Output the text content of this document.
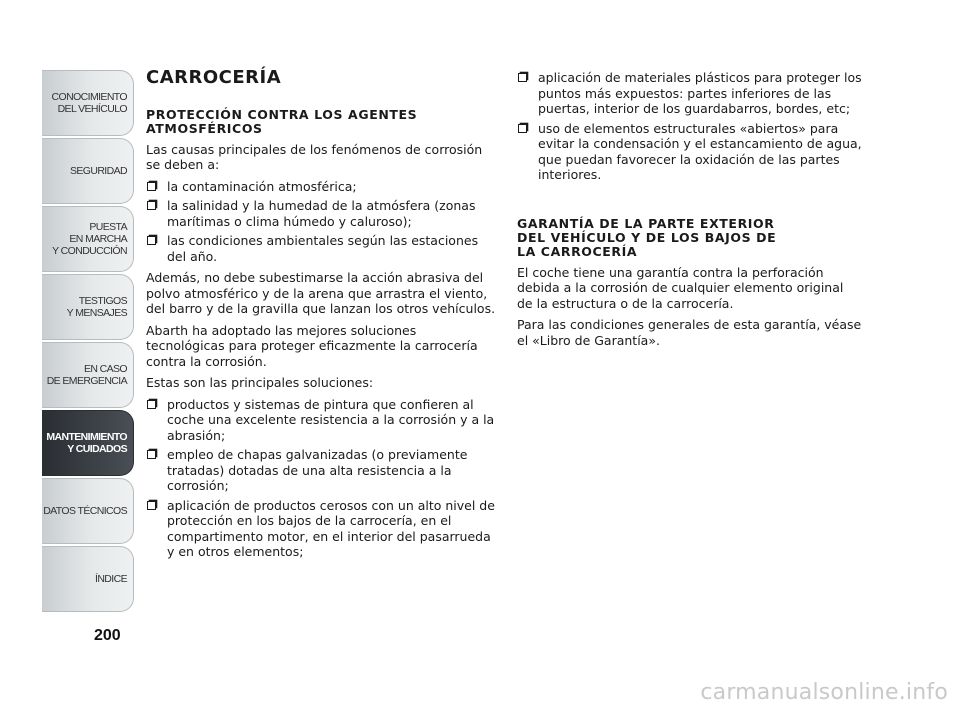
CONOCIMIENTO
DEL VEHÍCULO
SEGURIDAD
PUESTA
EN MARCHA
Y CONDUCCIÓN
TESTIGOS
Y MENSAJES
EN CASO
DE EMERGENCIA
MANTENIMIENTO
Y CUIDADOS
DATOS TÉCNICOS
ÍNDICE
200
CARROCERÍA
PROTECCIÓN CONTRA LOS AGENTES
ATMOSFÉRICOS

Las causas principales de los fenómenos de corrosión se deben a:

la contaminación atmosférica;
la salinidad y la humedad de la atmósfera (zonas marítimas o clima húmedo y caluroso);
las condiciones ambientales según las estaciones del año.

Además, no debe subestimarse la acción abrasiva del polvo atmosférico y de la arena que arrastra el viento, del barro y de la gravilla que lanzan los otros vehículos.

Abarth ha adoptado las mejores soluciones tecnológicas para proteger eficazmente la carrocería contra la corrosión.

Estas son las principales soluciones:

productos y sistemas de pintura que confieren al coche una excelente resistencia a la corrosión y a la abrasión;
empleo de chapas galvanizadas (o previamente tratadas) dotadas de una alta resistencia a la corrosión;
aplicación de productos cerosos con un alto nivel de protección en los bajos de la carrocería, en el compartimento motor, en el interior del pasarrueda y en otros elementos;
aplicación de materiales plásticos para proteger los puntos más expuestos: partes inferiores de las puertas, interior de los guardabarros, bordes, etc;
uso de elementos estructurales «abiertos» para evitar la condensación y el estancamiento de agua, que puedan favorecer la oxidación de las partes interiores.
GARANTÍA DE LA PARTE EXTERIOR
DEL VEHÍCULO Y DE LOS BAJOS DE
LA CARROCERÍA

El coche tiene una garantía contra la perforación debida a la corrosión de cualquier elemento original de la estructura o de la carrocería.

Para las condiciones generales de esta garantía, véase el «Libro de Garantía».

carmanualsonline.info
